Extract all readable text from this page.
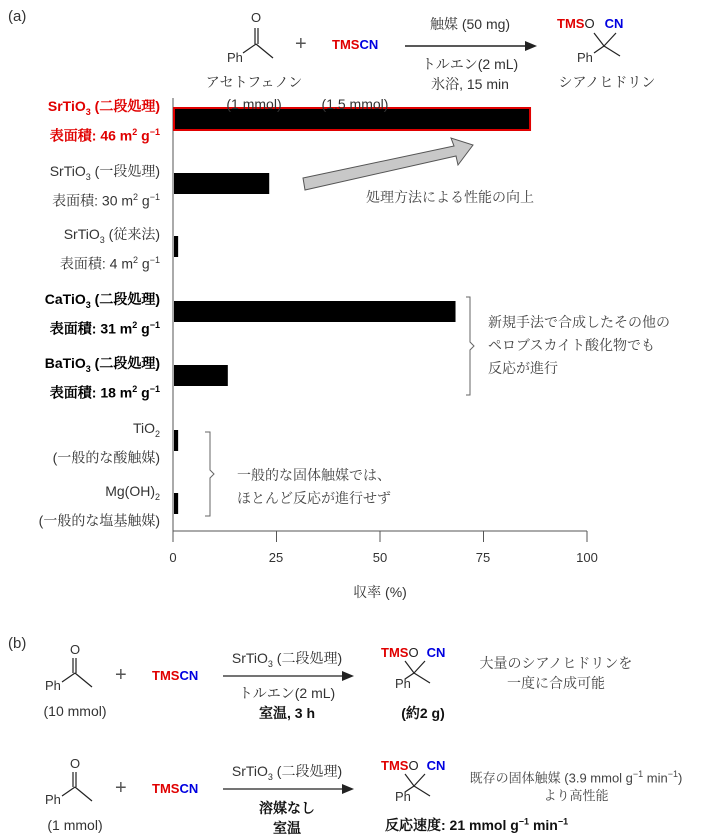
(a)	O
Ph
アセトフェノン
(1 mmol)
+ TMSCN
(1.5 mmol)
触媒 (50 mg)
トルエン(2 mL)
氷浴, 15 min
TMSO CN
Ph
シアノヒドリン
SrTiO$_3$ (二段処理)
表面積: 46 $m^2$ $g^{-1}$
SrTiO$_3$ (一段処理)
表面積: 30 $m^2$ $g^{-1}$
SrTiO$_3$ (従来法)
表面積: 4 $m^2$ $g^{-1}$
CaTiO$_3$ (二段処理)
表面積: 31 $m^2$ $g^{-1}$
BaTiO$_3$ (二段処理)
表面積: 18 $m^2$ $g^{-1}$
TiO$_2$
(一般的な酸触媒)
$Mg(OH)_2$
(一般的な塩基触媒)
処理方法による性能の向上
新規手法で合成したその他の
ペロブスカイト酸化物でも
反応が進行
一般的な固体触媒では、
ほとんど反応が進行せず
0	25	50	75	100
収率 (%)
(b)	O
Ph
(10 mmol)
+ TMSCN
SrTiO$_3$ (二段処理)
トルエン(2 mL)
室温, 3 h
TMSO CN
Ph
(約2 g)
大量のシアノヒドリンを
一度に合成可能
O
Ph
(1 mmol)
+ TMSCN
SrTiO$_3$ (二段処理)
溶媒なし
室温
TMSO CN
Ph
反応速度: 21 mmol $g^{-1}$ $\min^{-1}$
既存の固体触媒 (3.9 mmol $g^{-1}$ $\min^{-1}$)
より高性能
